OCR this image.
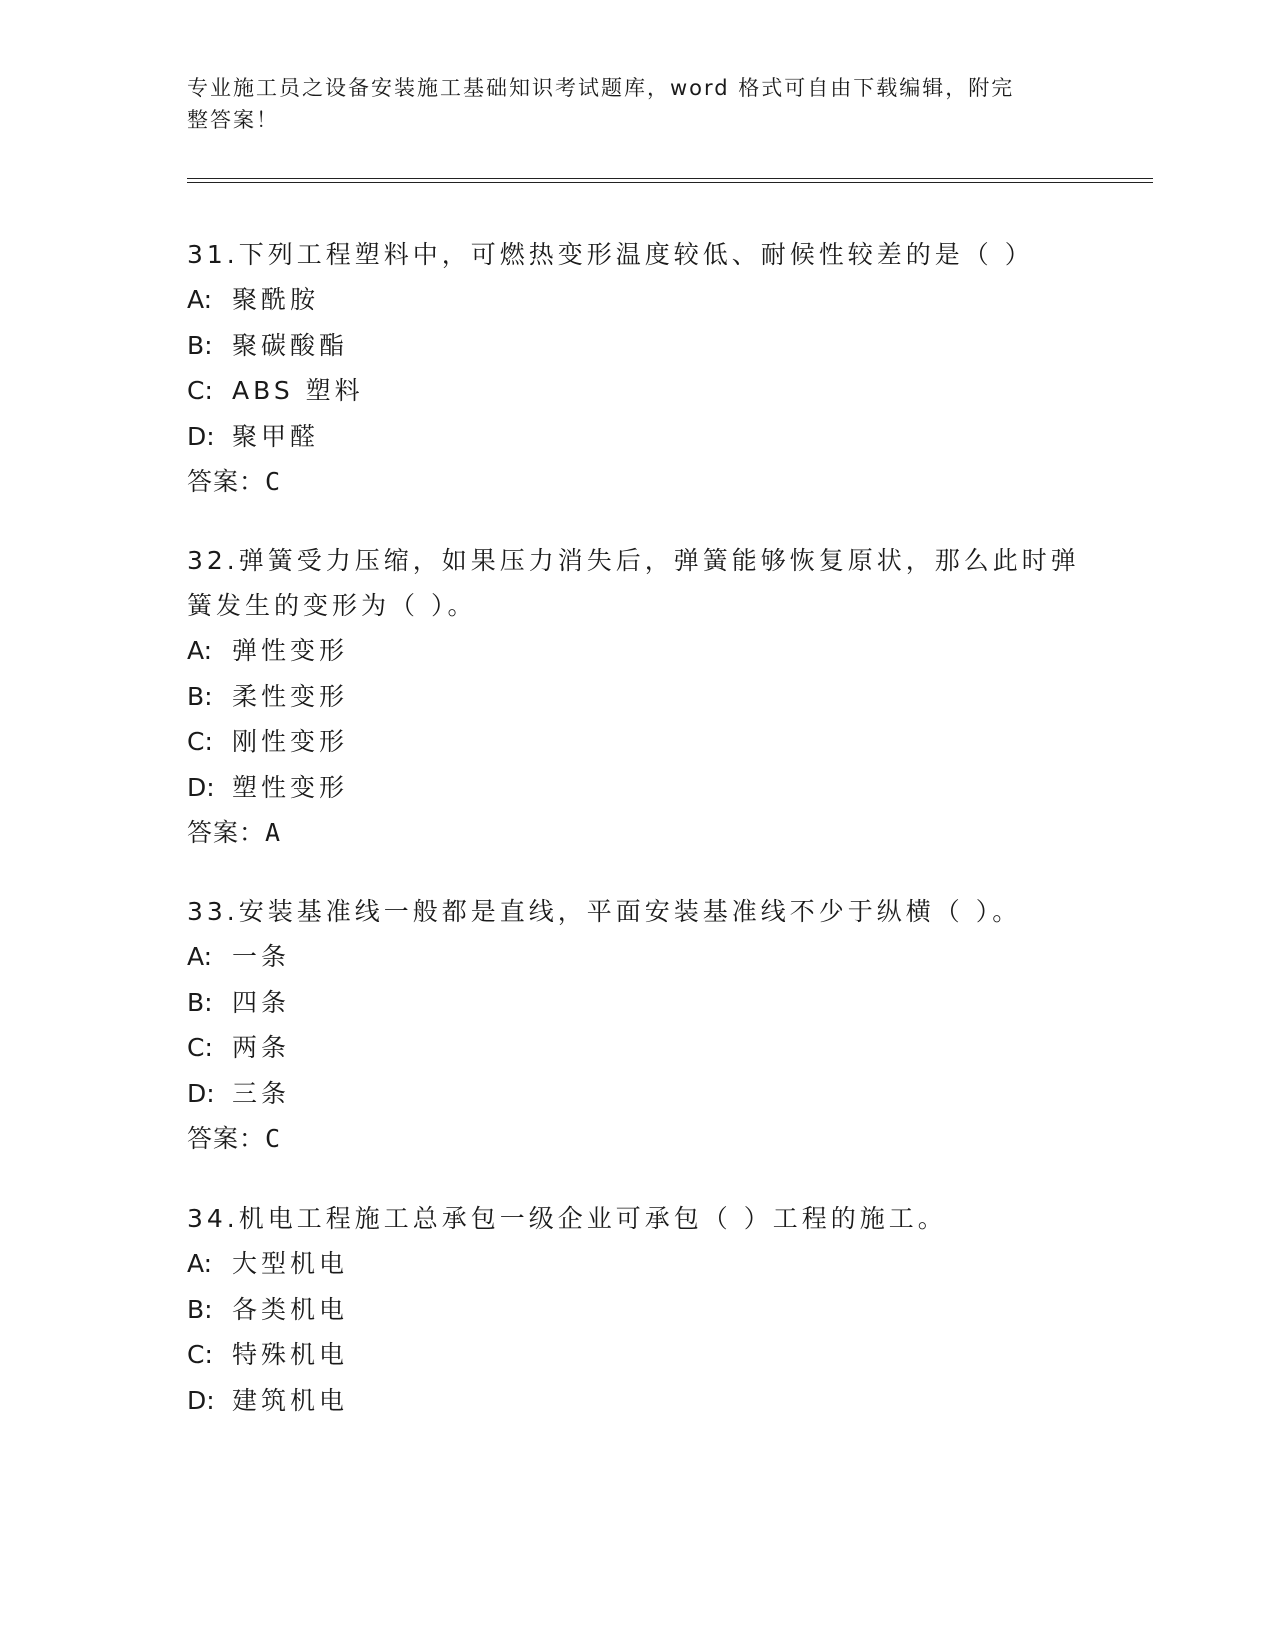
专业施工员之设备安装施工基础知识考试题库，word 格式可自由下载编辑，附完
整答案！
31.下列工程塑料中，可燃热变形温度较低、耐候性较差的是（ ）
A: 聚酰胺
B: 聚碳酸酯
C: ABS 塑料
D: 聚甲醛
答案：C
32.弹簧受力压缩，如果压力消失后，弹簧能够恢复原状，那么此时弹簧发生的变形为（ ）。
A: 弹性变形
B: 柔性变形
C: 刚性变形
D: 塑性变形
答案：A
33.安装基准线一般都是直线，平面安装基准线不少于纵横（ ）。
A: 一条
B: 四条
C: 两条
D: 三条
答案：C
34.机电工程施工总承包一级企业可承包（ ）工程的施工。
A: 大型机电
B: 各类机电
C: 特殊机电
D: 建筑机电
